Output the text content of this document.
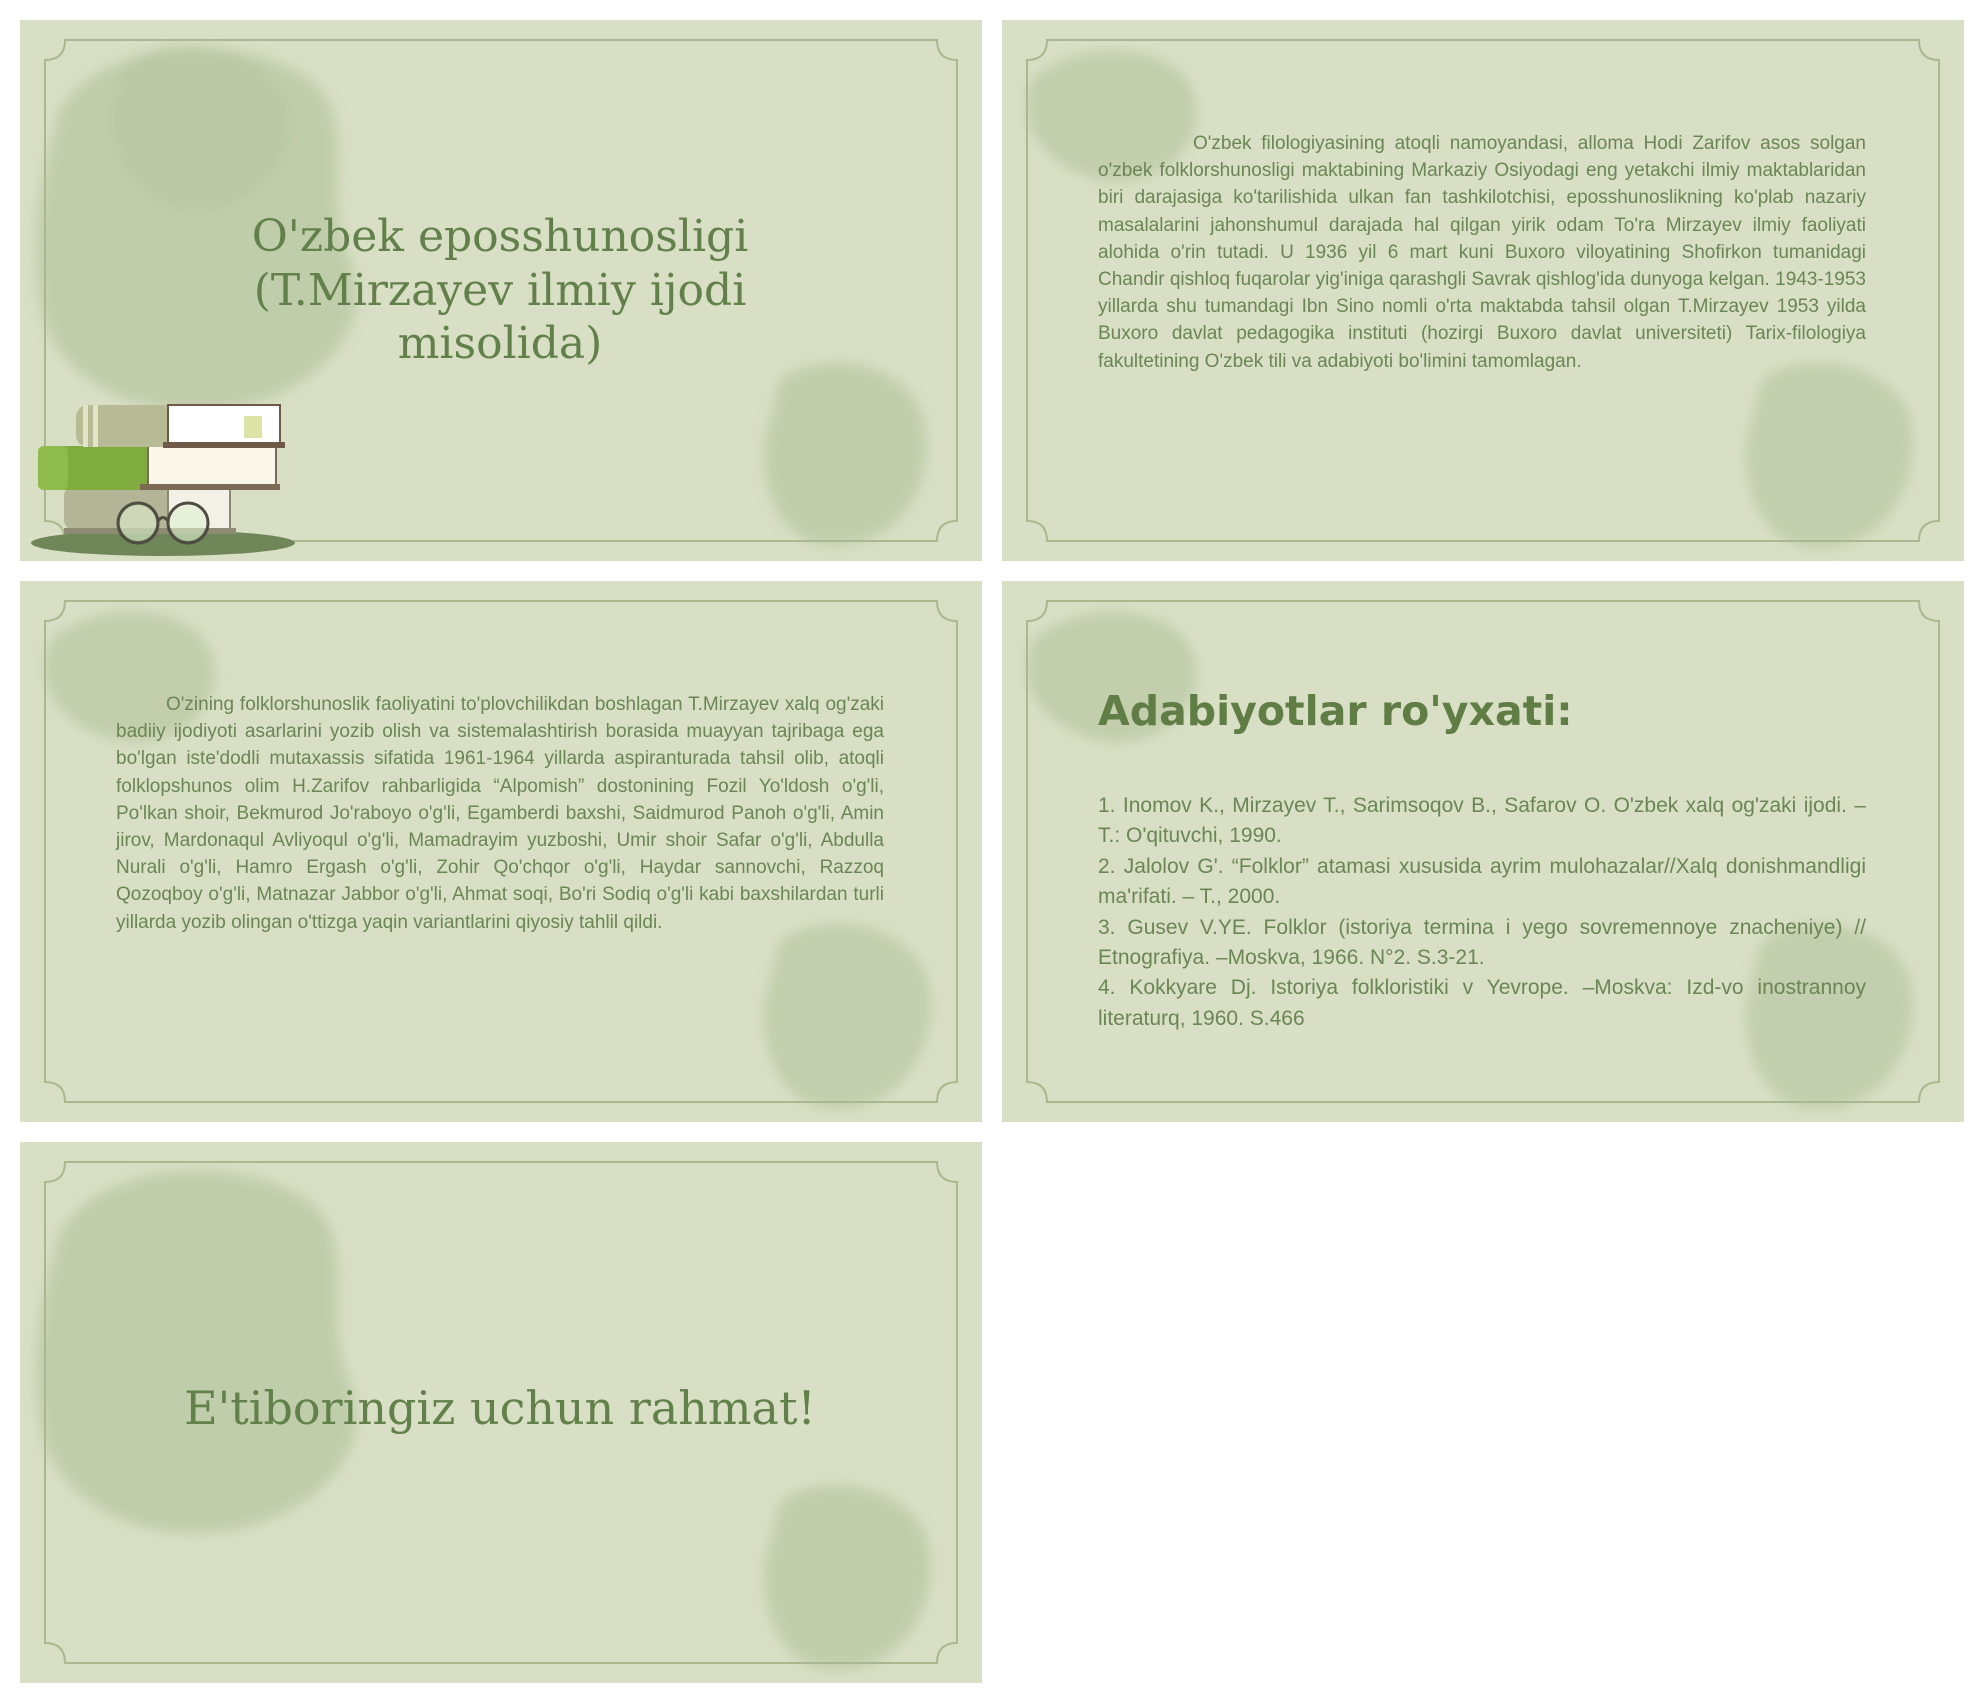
O'zbek eposshunosligi (T.Mirzayev ilmiy ijodi misolida)

O'zbek filologiyasining atoqli namoyandasi, alloma Hodi Zarifov asos solgan o'zbek folklorshunosligi maktabining Markaziy Osiyodagi eng yetakchi ilmiy maktablaridan biri darajasiga ko'tarilishida ulkan fan tashkilotchisi, eposshunoslikning ko'plab nazariy masalalarini jahonshumul darajada hal qilgan yirik odam To'ra Mirzayev ilmiy faoliyati alohida o'rin tutadi. U 1936 yil 6 mart kuni Buxoro viloyatining Shofirkon tumanidagi Chandir qishloq fuqarolar yig'iniga qarashgli Savrak qishlog'ida dunyoga kelgan. 1943-1953 yillarda shu tumandagi Ibn Sino nomli o'rta maktabda tahsil olgan T.Mirzayev 1953 yilda Buxoro davlat pedagogika instituti (hozirgi Buxoro davlat universiteti) Tarix-filologiya fakultetining O'zbek tili va adabiyoti bo'limini tamomlagan.

O'zining folklorshunoslik faoliyatini to'plovchilikdan boshlagan T.Mirzayev xalq og'zaki badiiy ijodiyoti asarlarini yozib olish va sistemalashtirish borasida muayyan tajribaga ega bo'lgan iste'dodli mutaxassis sifatida 1961-1964 yillarda aspiranturada tahsil olib, atoqli folklopshunos olim H.Zarifov rahbarligida “Alpomish” dostonining Fozil Yo'ldosh o'g'li, Po'lkan shoir, Bekmurod Jo'raboyo o'g'li, Egamberdi baxshi, Saidmurod Panoh o'g'li, Amin jirov, Mardonaqul Avliyoqul o'g'li, Mamadrayim yuzboshi, Umir shoir Safar o'g'li, Abdulla Nurali o'g'li, Hamro Ergash o'g'li, Zohir Qo'chqor o'g'li, Haydar sannovchi, Razzoq Qozoqboy o'g'li, Matnazar Jabbor o'g'li, Ahmat soqi, Bo'ri Sodiq o'g'li kabi baxshilardan turli yillarda yozib olingan o'ttizga yaqin variantlarini qiyosiy tahlil qildi.

Adabiyotlar ro'yxati:
1. Inomov K., Mirzayev T., Sarimsoqov B., Safarov O. O'zbek xalq og'zaki ijodi. –T.: O'qituvchi, 1990.
2. Jalolov G'. “Folklor” atamasi xususida ayrim mulohazalar//Xalq donishmandligi ma'rifati. – T., 2000.
3. Gusev V.YE. Folklor (istoriya termina i yego sovremennoye znacheniye) // Etnografiya. –Moskva, 1966. N°2. S.3-21.
4. Kokkyare Dj. Istoriya folkloristiki v Yevrope. –Moskva: Izd-vo inostrannoy literaturq, 1960. S.466
E'tiboringiz uchun rahmat!
